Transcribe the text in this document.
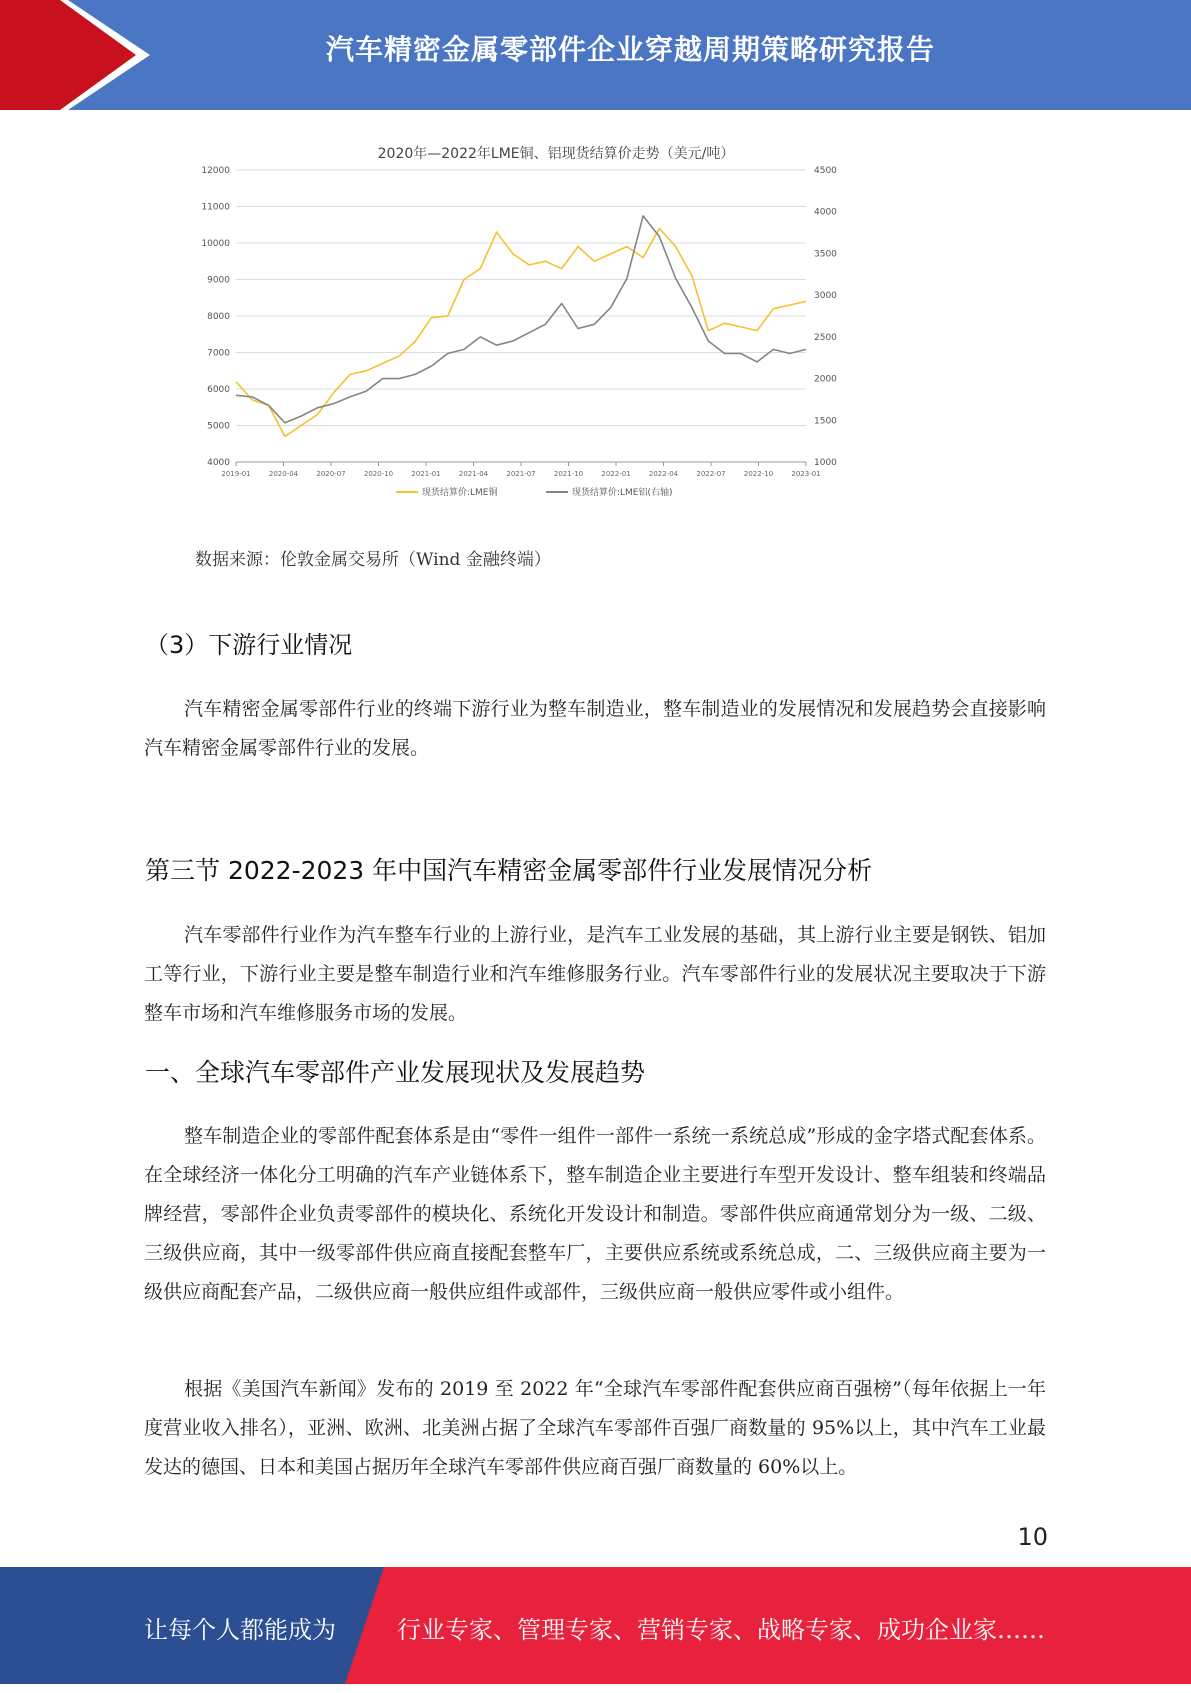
汽车精密金属零部件企业穿越周期策略研究报告
2020年—2022年LME铜、铝现货结算价走势（美元/吨）
4000
5000
6000
7000
8000
9000
10000
11000
12000
1000
1500
2000
2500
3000
3500
4000
4500
2019-01	2020-04	2020-07	2020-10	2021-01	2021-04	2021-07	2021-10	2022-01	2022-04	2022-07	2022-10	2023-01
现货结算价:LME铜	现货结算价:LME铝(右轴)
数据来源：伦敦金属交易所（Wind 金融终端）
（3）下游行业情况

汽车精密金属零部件行业的终端下游行业为整车制造业，整车制造业的发展情况和发展趋势会直接影响汽车精密金属零部件行业的发展。

第三节 2022-2023 年中国汽车精密金属零部件行业发展情况分析

汽车零部件行业作为汽车整车行业的上游行业，是汽车工业发展的基础，其上游行业主要是钢铁、铝加工等行业，下游行业主要是整车制造行业和汽车维修服务行业。汽车零部件行业的发展状况主要取决于下游整车市场和汽车维修服务市场的发展。

一、全球汽车零部件产业发展现状及发展趋势

整车制造企业的零部件配套体系是由“零件一组件一部件一系统一系统总成”形成的金字塔式配套体系。在全球经济一体化分工明确的汽车产业链体系下，整车制造企业主要进行车型开发设计、整车组装和终端品牌经营，零部件企业负责零部件的模块化、系统化开发设计和制造。零部件供应商通常划分为一级、二级、三级供应商，其中一级零部件供应商直接配套整车厂，主要供应系统或系统总成，二、三级供应商主要为一级供应商配套产品，二级供应商一般供应组件或部件，三级供应商一般供应零件或小组件。

根据《美国汽车新闻》发布的 2019 至 2022 年“全球汽车零部件配套供应商百强榜”（每年依据上一年度营业收入排名），亚洲、欧洲、北美洲占据了全球汽车零部件百强厂商数量的 95%以上，其中汽车工业最发达的德国、日本和美国占据历年全球汽车零部件供应商百强厂商数量的 60%以上。

10
让每个人都能成为	行业专家、管理专家、营销专家、战略专家、成功企业家……
